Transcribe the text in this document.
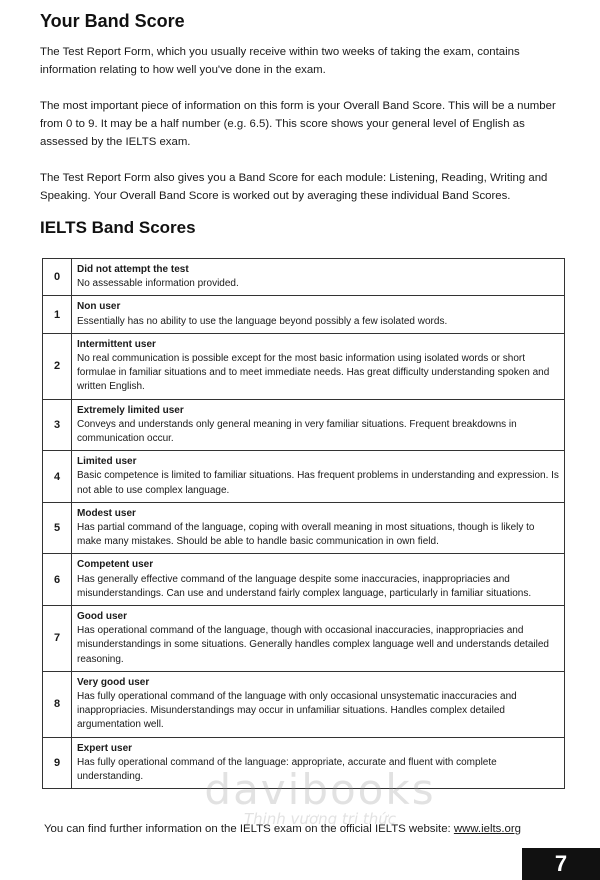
Your Band Score

The Test Report Form, which you usually receive within two weeks of taking the exam, contains information relating to how well you've done in the exam.

The most important piece of information on this form is your Overall Band Score. This will be a number from 0 to 9. It may be a half number (e.g. 6.5). This score shows your general level of English as assessed by the IELTS exam.

The Test Report Form also gives you a Band Score for each module: Listening, Reading, Writing and Speaking. Your Overall Band Score is worked out by averaging these individual Band Scores.

IELTS Band Scores
0	Did not attempt the test
No assessable information provided.

1	Non user
Essentially has no ability to use the language beyond possibly a few isolated words.

2	Intermittent user
No real communication is possible except for the most basic information using isolated words or short formulae in familiar situations and to meet immediate needs. Has great difficulty understanding spoken and written English.

3	Extremely limited user
Conveys and understands only general meaning in very familiar situations. Frequent breakdowns in communication occur.

4	Limited user
Basic competence is limited to familiar situations. Has frequent problems in understanding and expression. Is not able to use complex language.

5	Modest user
Has partial command of the language, coping with overall meaning in most situations, though is likely to make many mistakes. Should be able to handle basic communication in own field.

6	Competent user
Has generally effective command of the language despite some inaccuracies, inappropriacies and misunderstandings. Can use and understand fairly complex language, particularly in familiar situations.

7	Good user
Has operational command of the language, though with occasional inaccuracies, inappropriacies and misunderstandings in some situations. Generally handles complex language well and understands detailed reasoning.

8	Very good user
Has fully operational command of the language with only occasional unsystematic inaccuracies and inappropriacies. Misunderstandings may occur in unfamiliar situations. Handles complex detailed argumentation well.

9	Expert user
Has fully operational command of the language: appropriate, accurate and fluent with complete understanding.	davibooks
Thịnh vượng tri thức

You can find further information on the IELTS exam on the official IELTS website: www.ielts.org

7
